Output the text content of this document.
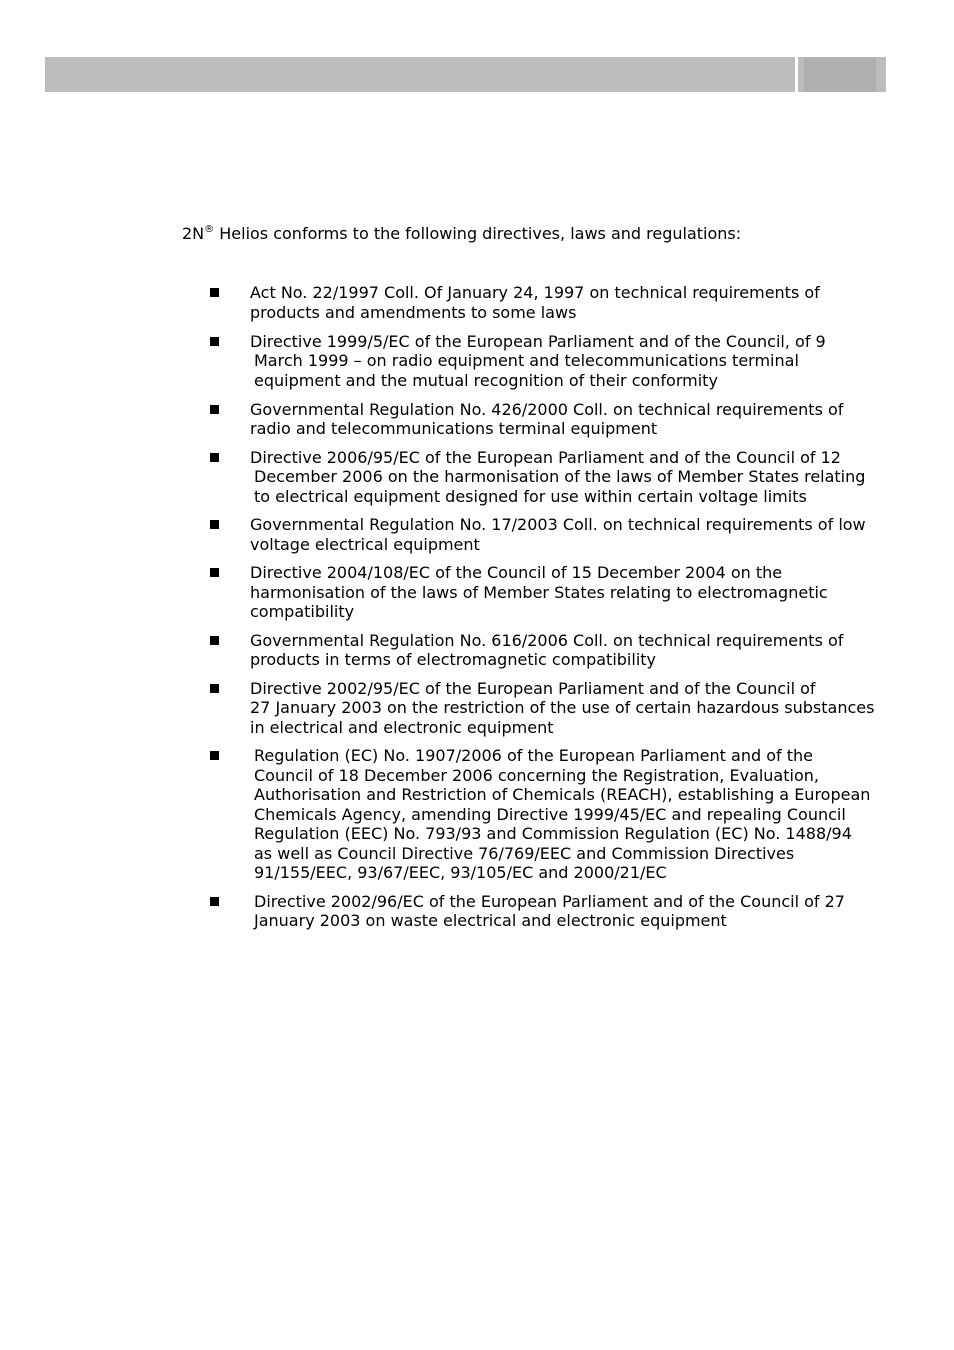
2N® Helios conforms to the following directives, laws and regulations:

Act No. 22/1997 Coll. Of January 24, 1997 on technical requirements of
products and amendments to some laws
Directive 1999/5/EC of the European Parliament and of the Council, of 9
March 1999 – on radio equipment and telecommunications terminal
equipment and the mutual recognition of their conformity
Governmental Regulation No. 426/2000 Coll. on technical requirements of
radio and telecommunications terminal equipment
Directive 2006/95/EC of the European Parliament and of the Council of 12
December 2006 on the harmonisation of the laws of Member States relating
to electrical equipment designed for use within certain voltage limits
Governmental Regulation No. 17/2003 Coll. on technical requirements of low
voltage electrical equipment
Directive 2004/108/EC of the Council of 15 December 2004 on the
harmonisation of the laws of Member States relating to electromagnetic
compatibility
Governmental Regulation No. 616/2006 Coll. on technical requirements of
products in terms of electromagnetic compatibility
Directive 2002/95/EC of the European Parliament and of the Council of
27 January 2003 on the restriction of the use of certain hazardous substances
in electrical and electronic equipment
Regulation (EC) No. 1907/2006 of the European Parliament and of the
Council of 18 December 2006 concerning the Registration, Evaluation,
Authorisation and Restriction of Chemicals (REACH), establishing a European
Chemicals Agency, amending Directive 1999/45/EC and repealing Council
Regulation (EEC) No. 793/93 and Commission Regulation (EC) No. 1488/94
as well as Council Directive 76/769/EEC and Commission Directives
91/155/EEC, 93/67/EEC, 93/105/EC and 2000/21/EC
Directive 2002/96/EC of the European Parliament and of the Council of 27
January 2003 on waste electrical and electronic equipment
